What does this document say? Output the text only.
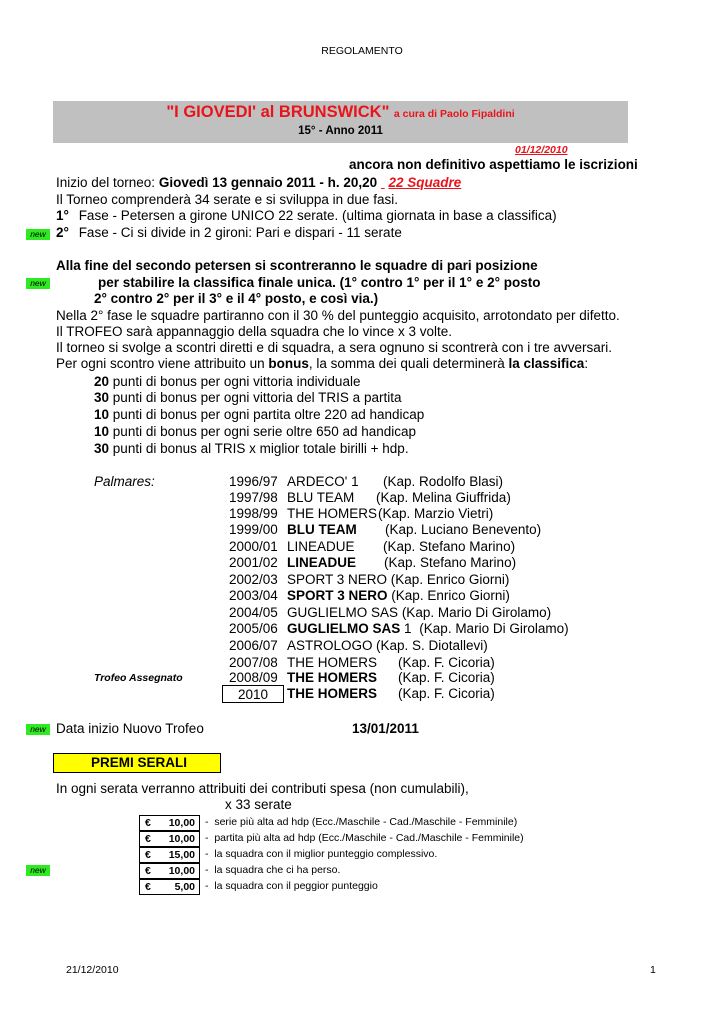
REGOLAMENTO
"I GIOVEDI' al BRUNSWICK" a cura di Paolo Fipaldini
15° - Anno 2011
01/12/2010
ancora non definitivo aspettiamo le iscrizioni
Inizio del torneo: Giovedì 13 gennaio 2011 - h. 20,20 22 Squadre
Il Torneo comprenderà 34 serate e si sviluppa in due fasi.
1° Fase - Petersen a girone UNICO 22 serate. (ultima giornata in base a classifica)
new 2° Fase - Ci si divide in 2 gironi: Pari e dispari - 11 serate
Alla fine del secondo petersen si scontreranno le squadre di pari posizione
new	per stabilire la classifica finale unica. (1° contro 1° per il 1° e 2° posto
2° contro 2° per il 3° e il 4° posto, e così via.)
Nella 2° fase le squadre partiranno con il 30 % del punteggio acquisito, arrotondato per difetto.
Il TROFEO sarà appannaggio della squadra che lo vince x 3 volte.
Il torneo si svolge a scontri diretti e di squadra, a sera ognuno si scontrerà con i tre avversari.
Per ogni scontro viene attribuito un bonus, la somma dei quali determinerà la classifica:
20 punti di bonus per ogni vittoria individuale
30 punti di bonus per ogni vittoria del TRIS a partita
10 punti di bonus per ogni partita oltre 220 ad handicap
10 punti di bonus per ogni serie oltre 650 ad handicap
30 punti di bonus al TRIS x miglior totale birilli + hdp.
Palmares:	1996/97 ARDECO' 1 (Kap. Rodolfo Blasi)
1997/98 BLU TEAM (Kap. Melina Giuffrida)
1998/99 THE HOMERS (Kap. Marzio Vietri)
1999/00 BLU TEAM (Kap. Luciano Benevento)
2000/01 LINEADUE (Kap. Stefano Marino)
2001/02 LINEADUE (Kap. Stefano Marino)
2002/03 SPORT 3 NERO (Kap. Enrico Giorni)
2003/04 SPORT 3 NERO (Kap. Enrico Giorni)
2004/05 GUGLIELMO SAS (Kap. Mario Di Girolamo)
2005/06 GUGLIELMO SAS 1 (Kap. Mario Di Girolamo)
2006/07 ASTROLOGO (Kap. S. Diotallevi)
2007/08 THE HOMERS (Kap. F. Cicoria)
Trofeo Assegnato	2008/09 THE HOMERS (Kap. F. Cicoria)
2010	THE HOMERS (Kap. F. Cicoria)
new Data inizio Nuovo Trofeo	13/01/2011
PREMI SERALI
In ogni serata verranno attribuiti dei contributi spesa (non cumulabili),
x 33 serate
€ 10,00 - serie più alta ad hdp (Ecc./Maschile - Cad./Maschile - Femminile)
€ 10,00 - partita più alta ad hdp (Ecc./Maschile - Cad./Maschile - Femminile)
€ 15,00 - la squadra con il miglior punteggio complessivo.
new	€ 10,00 - la squadra che ci ha perso.
€ 5,00 - la squadra con il peggior punteggio
21/12/2010	1
